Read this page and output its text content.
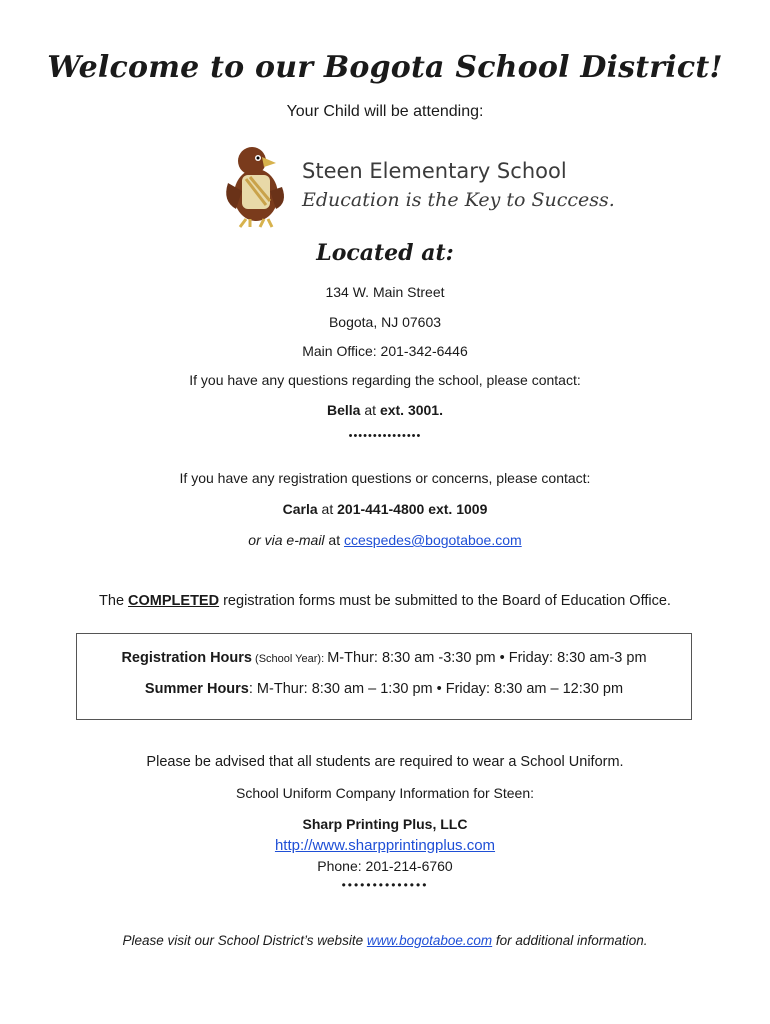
Welcome to our Bogota School District!
Your Child will be attending:
Steen Elementary School
Education is the Key to Success.
Located at:
134 W. Main Street
Bogota, NJ 07603
Main Office: 201-342-6446
If you have any questions regarding the school, please contact:
Bella at ext. 3001.
•••••••••••••••
If you have any registration questions or concerns, please contact:
Carla at 201-441-4800 ext. 1009
or via e-mail at ccespedes@bogotaboe.com
The COMPLETED registration forms must be submitted to the Board of Education Office.
Registration Hours (School Year): M-Thur: 8:30 am -3:30 pm • Friday: 8:30 am-3 pm
Summer Hours: M-Thur: 8:30 am – 1:30 pm • Friday: 8:30 am – 12:30 pm
Please be advised that all students are required to wear a School Uniform.
School Uniform Company Information for Steen:
Sharp Printing Plus, LLC
http://www.sharpprintingplus.com
Phone: 201-214-6760
••••••••••••••
Please visit our School District’s website www.bogotaboe.com for additional information.
